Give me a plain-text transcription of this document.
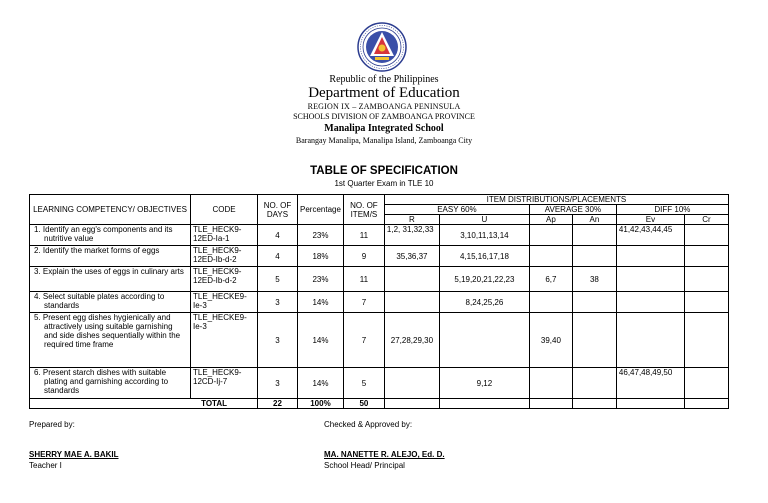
Republic of the Philippines
Department of Education
REGION IX – ZAMBOANGA PENINSULA
SCHOOLS DIVISION OF ZAMBOANGA PROVINCE
Manalipa Integrated School
Barangay Manalipa, Manalipa Island, Zamboanga City
TABLE OF SPECIFICATION
1st Quarter Exam in TLE 10
LEARNING COMPETENCY/ OBJECTIVES	CODE	NO. OF DAYS	Percentage	NO. OF ITEM/S	ITEM DISTRIBUTIONS/PLACEMENTS					
					EASY 60%		AVERAGE 30%		DIFF 10%	
					R	U	Ap	An	Ev	Cr
1. Identify an egg's components and its nutritive value	TLE_HECK9-12ED-Ia-1	4	23%	11	1,2, 31,32,33	3,10,11,13,14			41,42,43,44,45	
2. Identify the market forms of eggs	TLE_HECK9-12ED-Ib-d-2	4	18%	9	35,36,37	4,15,16,17,18				
3. Explain the uses of eggs in culinary arts	TLE_HECK9-12ED-Ib-d-2	5	23%	11		5,19,20,21,22,23	6,7	38		
4. Select suitable plates according to standards	TLE_HECKE9-Ie-3	3	14%	7		8,24,25,26				
5. Present egg dishes hygienically and attractively using suitable garnishing and side dishes sequentially within the required time frame	TLE_HECKE9-Ie-3	3	14%	7	27,28,29,30		39,40			
6. Present starch dishes with suitable plating and garnishing according to standards	TLE_HECK9-12CD-Ij-7	3	14%	5		9,12			46,47,48,49,50	
TOTAL		22	100%	50						
Prepared by:	Checked & Approved by:
SHERRY MAE A. BAKIL
Teacher I
MA. NANETTE R. ALEJO, Ed. D.
School Head/ Principal
